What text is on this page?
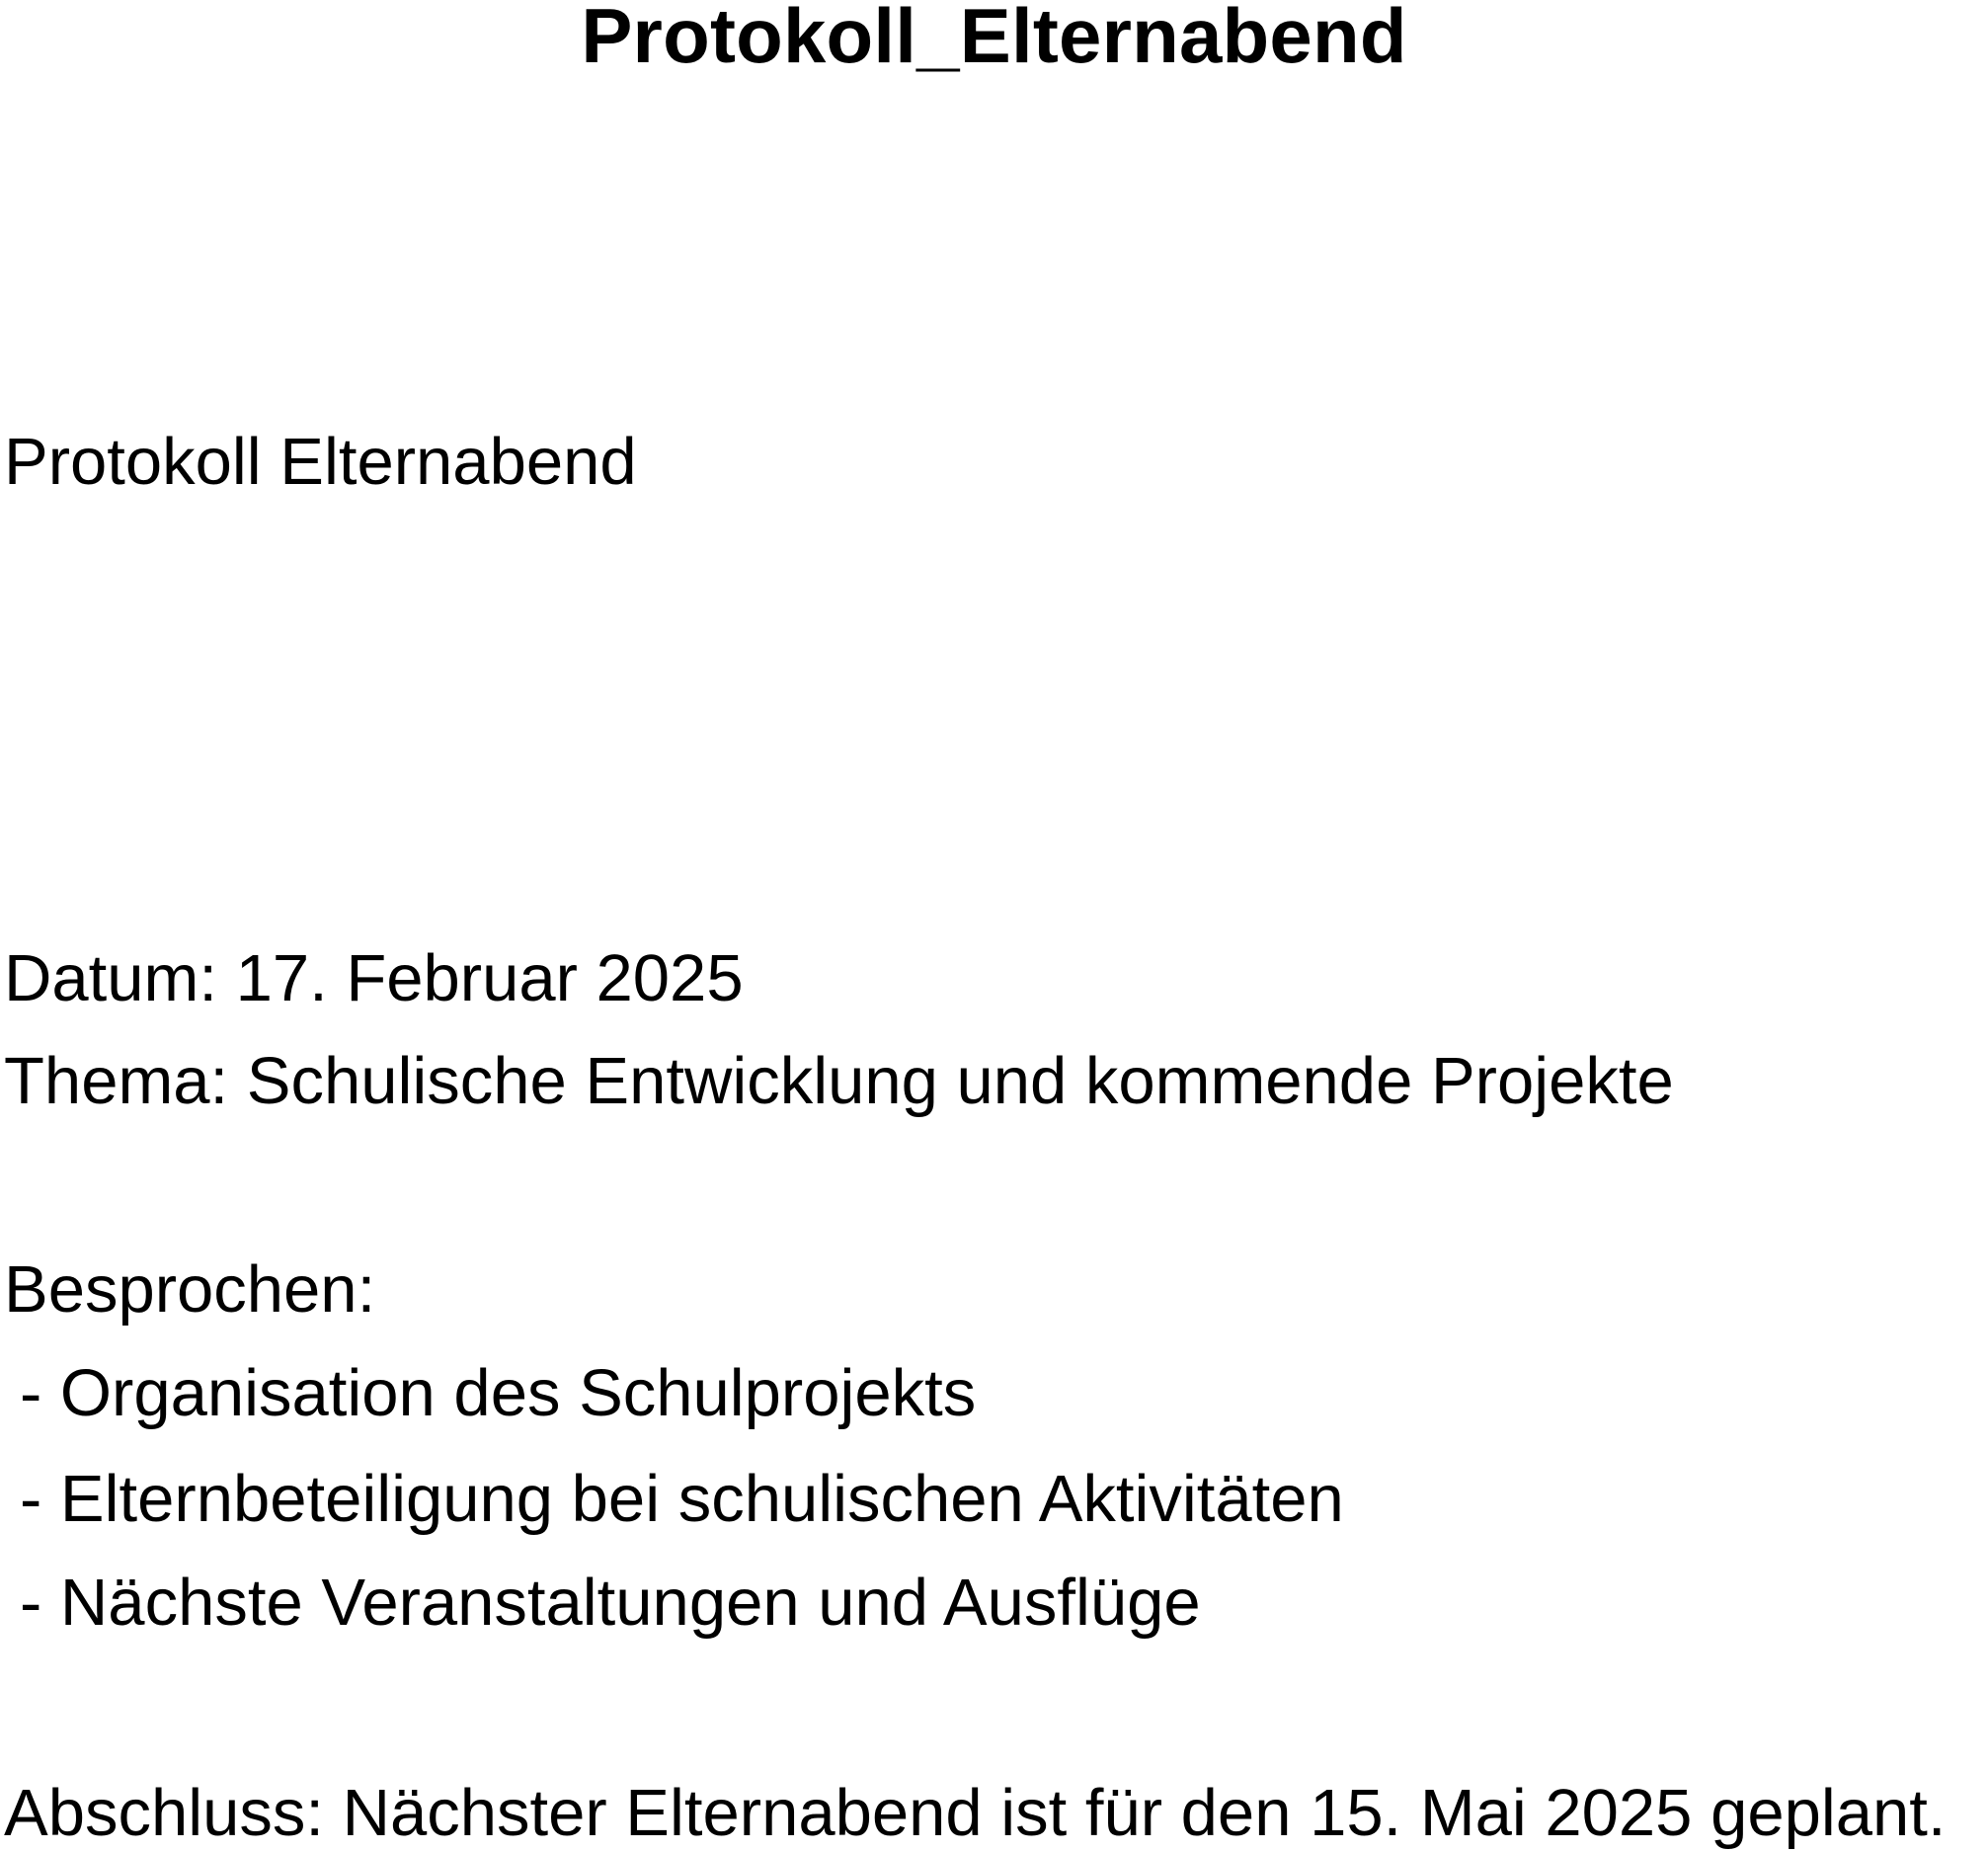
Protokoll_Elternabend
Protokoll Elternabend
Datum: 17. Februar 2025
Thema: Schulische Entwicklung und kommende Projekte
Besprochen:
- Organisation des Schulprojekts
- Elternbeteiligung bei schulischen Aktivitäten
- Nächste Veranstaltungen und Ausflüge
Abschluss: Nächster Elternabend ist für den 15. Mai 2025 geplant.
